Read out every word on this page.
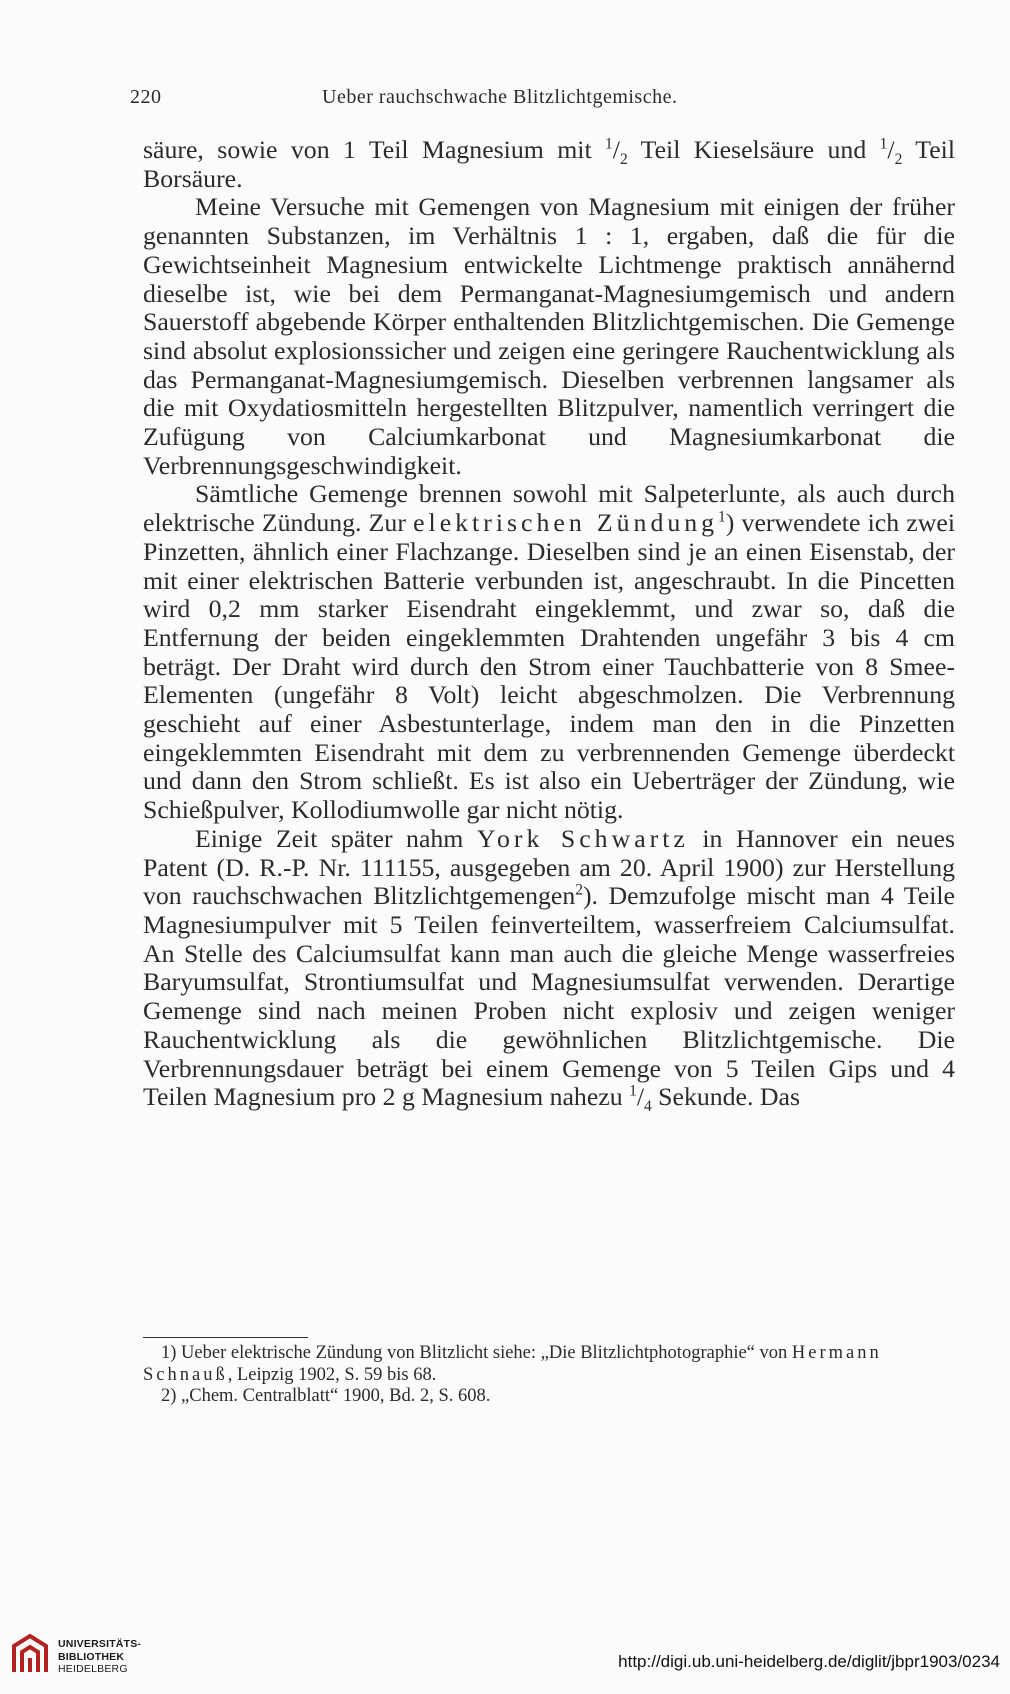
220	Ueber rauchschwache Blitzlichtgemische.

säure, sowie von 1 Teil Magnesium mit $^1/_2$ Teil Kieselsäure und $^1/_2$ Teil Borsäure.

Meine Versuche mit Gemengen von Magnesium mit einigen der früher genannten Substanzen, im Verhältnis 1 : 1, ergaben, daß die für die Gewichtseinheit Magnesium entwickelte Lichtmenge praktisch annähernd dieselbe ist, wie bei dem Permanganat-Magnesiumgemisch und andern Sauerstoff abgebende Körper enthaltenden Blitzlichtgemischen. Die Gemenge sind absolut explosionssicher und zeigen eine geringere Rauchentwicklung als das Permanganat-Magnesiumgemisch. Dieselben verbrennen langsamer als die mit Oxydatiosmitteln hergestellten Blitzpulver, namentlich verringert die Zufügung von Calciumkarbonat und Magnesiumkarbonat die Verbrennungsgeschwindigkeit.

Sämtliche Gemenge brennen sowohl mit Salpeterlunte, als auch durch elektrische Zündung. Zur elektrischen Zündung$^1$) verwendete ich zwei Pinzetten, ähnlich einer Flachzange. Dieselben sind je an einen Eisenstab, der mit einer elektrischen Batterie verbunden ist, angeschraubt. In die Pincetten wird 0,2 mm starker Eisendraht eingeklemmt, und zwar so, daß die Entfernung der beiden eingeklemmten Drahtenden ungefähr 3 bis 4 cm beträgt. Der Draht wird durch den Strom einer Tauchbatterie von 8 Smee-Elementen (ungefähr 8 Volt) leicht abgeschmolzen. Die Verbrennung geschieht auf einer Asbestunterlage, indem man den in die Pinzetten eingeklemmten Eisendraht mit dem zu verbrennenden Gemenge überdeckt und dann den Strom schließt. Es ist also ein Ueberträger der Zündung, wie Schießpulver, Kollodiumwolle gar nicht nötig.

Einige Zeit später nahm York Schwartz in Hannover ein neues Patent (D. R.-P. Nr. 111155, ausgegeben am 20. April 1900) zur Herstellung von rauchschwachen Blitzlichtgemengen$^2$). Demzufolge mischt man 4 Teile Magnesiumpulver mit 5 Teilen feinverteiltem, wasserfreiem Calciumsulfat. An Stelle des Calciumsulfat kann man auch die gleiche Menge wasserfreies Baryumsulfat, Strontiumsulfat und Magnesiumsulfat verwenden. Derartige Gemenge sind nach meinen Proben nicht explosiv und zeigen weniger Rauchentwicklung als die gewöhnlichen Blitzlichtgemische. Die Verbrennungsdauer beträgt bei einem Gemenge von 5 Teilen Gips und 4 Teilen Magnesium pro 2 g Magnesium nahezu $^1/_4$ Sekunde. Das

1) Ueber elektrische Zündung von Blitzlicht siehe: „Die Blitzlichtphotographie“ von Hermann Schnauß, Leipzig 1902, S. 59 bis 68.

2) „Chem. Centralblatt“ 1900, Bd. 2, S. 608.

UNIVERSITÄTS-
BIBLIOTHEK
HEIDELBERG	http://digi.ub.uni-heidelberg.de/diglit/jbpr1903/0234
